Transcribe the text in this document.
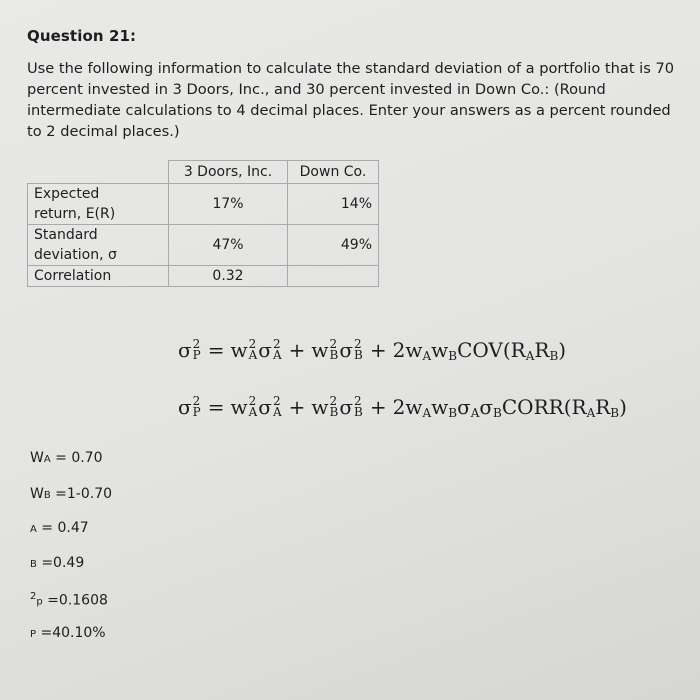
Question 21:

Use the following information to calculate the standard deviation of a portfolio that is 70 percent invested in 3 Doors, Inc., and 30 percent invested in Down Co.: (Round intermediate calculations to 4 decimal places. Enter your answers as a percent rounded to 2 decimal places.)

	3 Doors, Inc.	Down Co.

Expected
return, E(R)	17%	14%

Standard
deviation, σ	47%	49%
Correlation	0.32	
σ 2
P = w 2
A σ 2
A + w 2
B σ 2
B + 2w A w B COV(R A R B )
σ 2
P = w 2
A σ 2
A + w 2
B σ 2
B + 2w A w B σ A σ B CORR(R A R B )
WA = 0.70
WB =1-0.70
A = 0.47
B =0.49
$^2$p =0.1608
P =40.10%
